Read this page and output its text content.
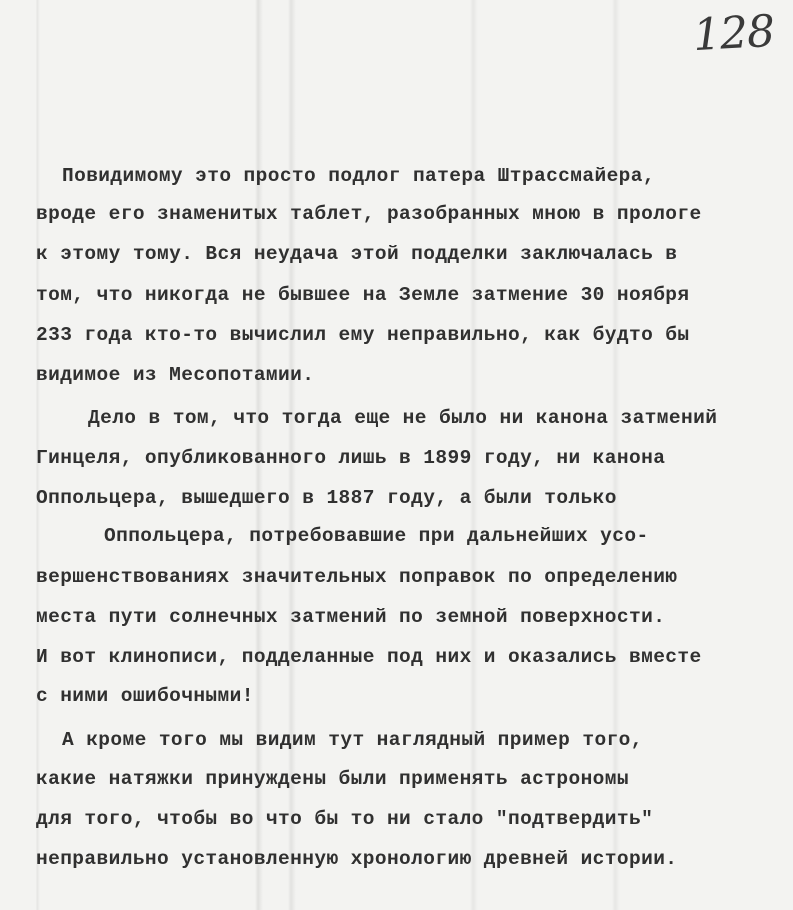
128
Повидимому это просто подлог патера Штрассмайера,
вроде его знаменитых таблет, разобранных мною в прологе
к этому тому. Вся неудача этой подделки заключалась в
том, что никогда не бывшее на Земле затмение 30 ноября
233 года кто-то вычислил ему неправильно, как будто бы
видимое из Месопотамии.
Дело в том, что тогда еще не было ни канона затмений
Гинцеля, опубликованного лишь в 1899 году, ни канона
Оппольцера, вышедшего в 1887 году, а были только
Оппольцера, потребовавшие при дальнейших усо-
вершенствованиях значительных поправок по определению
места пути солнечных затмений по земной поверхности.
И вот клинописи, подделанные под них и оказались вместе
с ними ошибочными!
А кроме того мы видим тут наглядный пример того,
какие натяжки принуждены были применять астрономы
для того, чтобы во что бы то ни стало "подтвердить"
неправильно установленную хронологию древней истории.
